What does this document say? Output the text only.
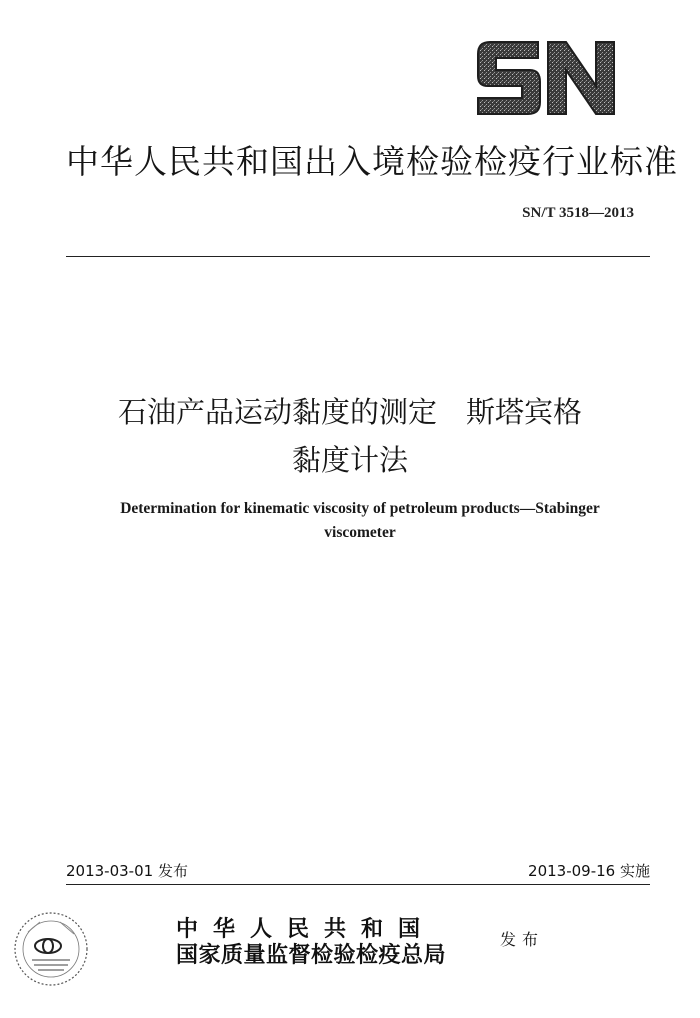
中华人民共和国出入境检验检疫行业标准
SN/T 3518—2013
石油产品运动黏度的测定　斯塔宾格
黏度计法
Determination for kinematic viscosity of petroleum products—Stabinger
viscometer
2013-03-01 发布	2013-09-16 实施
中华人民共和国
国家质量监督检验检疫总局
发布
